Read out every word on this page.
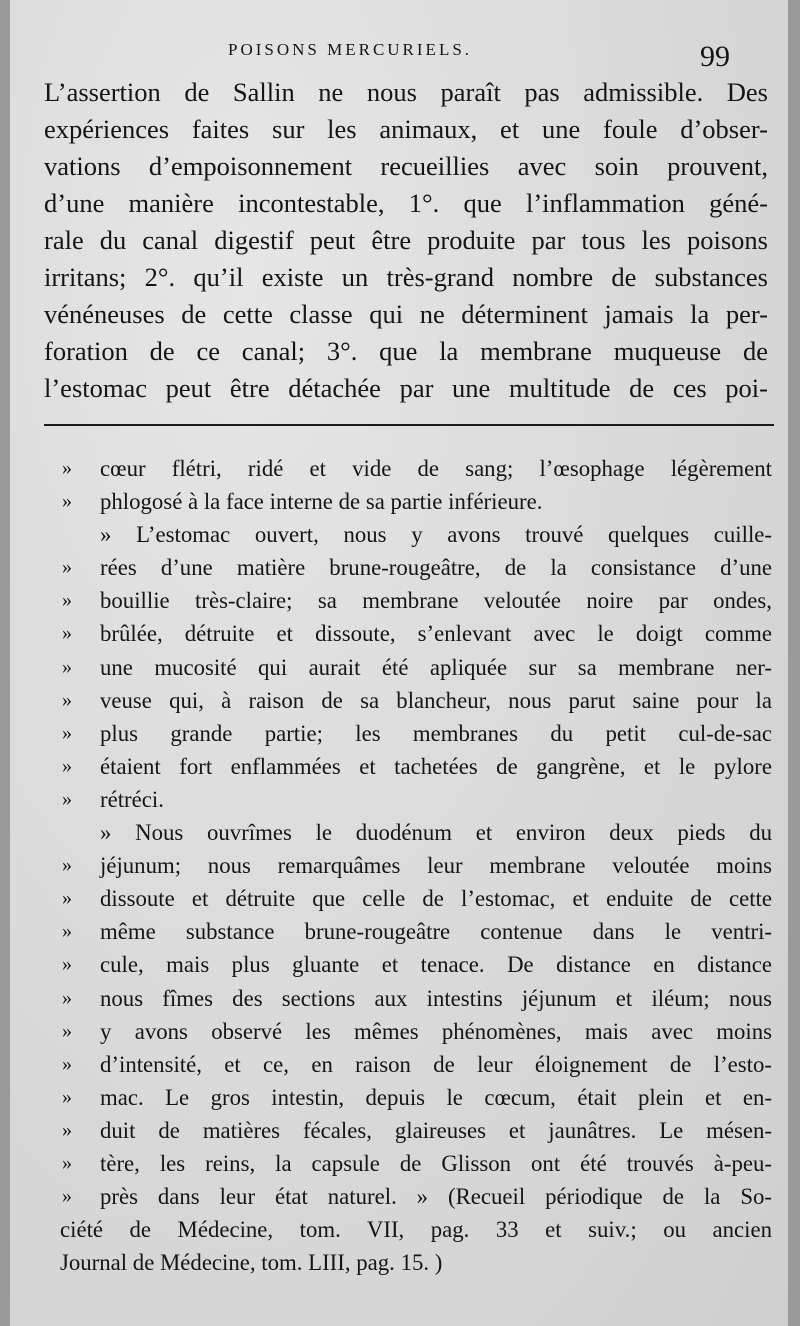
POISONS MERCURIELS.	99
L’assertion de Sallin ne nous paraît pas admissible. Des
expériences faites sur les animaux, et une foule d’obser-
vations d’empoisonnement recueillies avec soin prouvent,
d’une manière incontestable, 1°. que l’inflammation géné-
rale du canal digestif peut être produite par tous les poisons
irritans; 2°. qu’il existe un très-grand nombre de substances
vénéneuses de cette classe qui ne déterminent jamais la per-
foration de ce canal; 3°. que la membrane muqueuse de
l’estomac peut être détachée par une multitude de ces poi-
» cœur flétri, ridé et vide de sang; l’œsophage légèrement
» phlogosé à la face interne de sa partie inférieure.
» L’estomac ouvert, nous y avons trouvé quelques cuille-
» rées d’une matière brune-rougeâtre, de la consistance d’une
» bouillie très-claire; sa membrane veloutée noire par ondes,
» brûlée, détruite et dissoute, s’enlevant avec le doigt comme
» une mucosité qui aurait été apliquée sur sa membrane ner-
» veuse qui, à raison de sa blancheur, nous parut saine pour la
» plus grande partie; les membranes du petit cul-de-sac
» étaient fort enflammées et tachetées de gangrène, et le pylore
» rétréci.
» Nous ouvrîmes le duodénum et environ deux pieds du
» jéjunum; nous remarquâmes leur membrane veloutée moins
» dissoute et détruite que celle de l’estomac, et enduite de cette
» même substance brune-rougeâtre contenue dans le ventri-
» cule, mais plus gluante et tenace. De distance en distance
» nous fîmes des sections aux intestins jéjunum et iléum; nous
» y avons observé les mêmes phénomènes, mais avec moins
» d’intensité, et ce, en raison de leur éloignement de l’esto-
» mac. Le gros intestin, depuis le cœcum, était plein et en-
» duit de matières fécales, glaireuses et jaunâtres. Le mésen-
» tère, les reins, la capsule de Glisson ont été trouvés à-peu-
» près dans leur état naturel. » (Recueil périodique de la So-
ciété de Médecine, tom. VII, pag. 33 et suiv.; ou ancien
Journal de Médecine, tom. LIII, pag. 15. )
